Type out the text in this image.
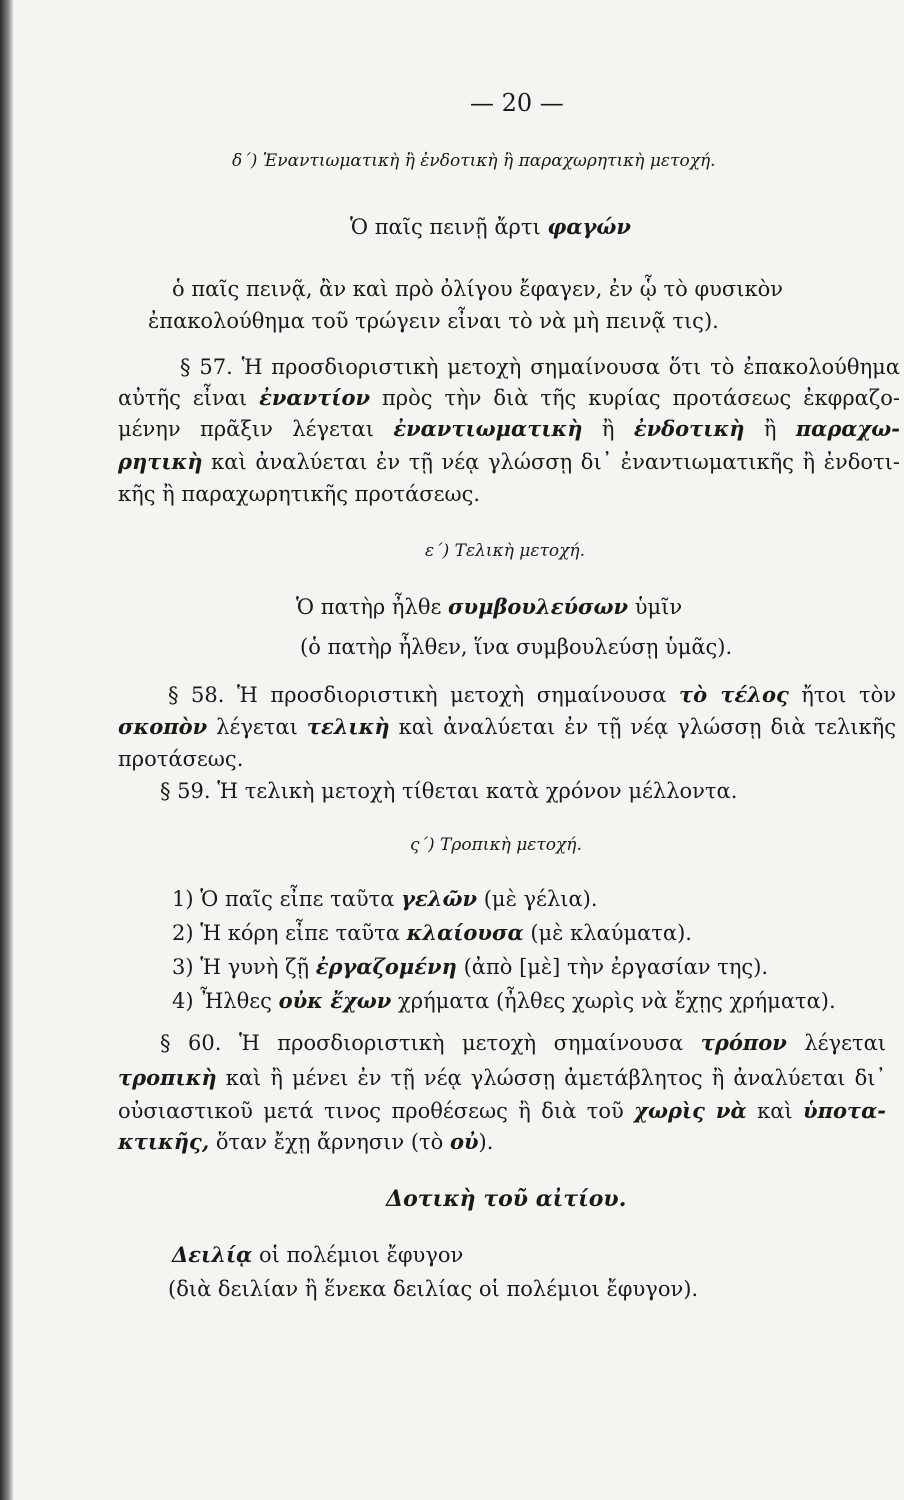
— 20 —
δ΄) Ἐναντιωματικὴ ἢ ἐνδοτικὴ ἢ παραχωρητικὴ μετοχή.
Ὁ παῖς πεινῇ ἄρτι φαγών
ὁ παῖς πεινᾷ, ἂν καὶ πρὸ ὀλίγου ἔφαγεν, ἐν ᾧ τὸ φυσικὸν
ἐπακολούθημα τοῦ τρώγειν εἶναι τὸ νὰ μὴ πεινᾷ τις).
§ 57. Ἡ προσδιοριστικὴ μετοχὴ σημαίνουσα ὅτι τὸ ἐπακολούθημα
αὐτῆς εἶναι ἐναντίον πρὸς τὴν διὰ τῆς κυρίας προτάσεως ἐκφραζο-
μένην πρᾶξιν λέγεται ἐναντιωματικὴ ἢ ἐνδοτικὴ ἢ παραχω-
ρητικὴ καὶ ἀναλύεται ἐν τῇ νέᾳ γλώσσῃ δι᾿ ἐναντιωματικῆς ἢ ἐνδοτι-
κῆς ἢ παραχωρητικῆς προτάσεως.
ε΄) Τελικὴ μετοχή.
Ὁ πατὴρ ἦλθε συμβουλεύσων ὑμῖν
(ὁ πατὴρ ἦλθεν, ἵνα συμβουλεύσῃ ὑμᾶς).
§ 58. Ἡ προσδιοριστικὴ μετοχὴ σημαίνουσα τὸ τέλος ἤτοι τὸν
σκοπὸν λέγεται τελικὴ καὶ ἀναλύεται ἐν τῇ νέᾳ γλώσσῃ διὰ τελικῆς
προτάσεως.
§ 59. Ἡ τελικὴ μετοχὴ τίθεται κατὰ χρόνον μέλλοντα.
ς΄) Τροπικὴ μετοχή.
1) Ὁ παῖς εἶπε ταῦτα γελῶν (μὲ γέλια).
2) Ἡ κόρη εἶπε ταῦτα κλαίουσα (μὲ κλαύματα).
3) Ἡ γυνὴ ζῇ ἐργαζομένη (ἀπὸ [μὲ] τὴν ἐργασίαν της).
4) Ἦλθες οὐκ ἔχων χρήματα (ἦλθες χωρὶς νὰ ἔχῃς χρήματα).
§ 60. Ἡ προσδιοριστικὴ μετοχὴ σημαίνουσα τρόπον λέγεται
τροπικὴ καὶ ἢ μένει ἐν τῇ νέᾳ γλώσσῃ ἀμετάβλητος ἢ ἀναλύεται δι᾿
οὐσιαστικοῦ μετά τινος προθέσεως ἢ διὰ τοῦ χωρὶς νὰ καὶ ὑποτα-
κτικῆς, ὅταν ἔχῃ ἄρνησιν (τὸ οὐ).
Δοτικὴ τοῦ αἰτίου.
Δειλίᾳ οἱ πολέμιοι ἔφυγον
(διὰ δειλίαν ἢ ἕνεκα δειλίας οἱ πολέμιοι ἔφυγον).
